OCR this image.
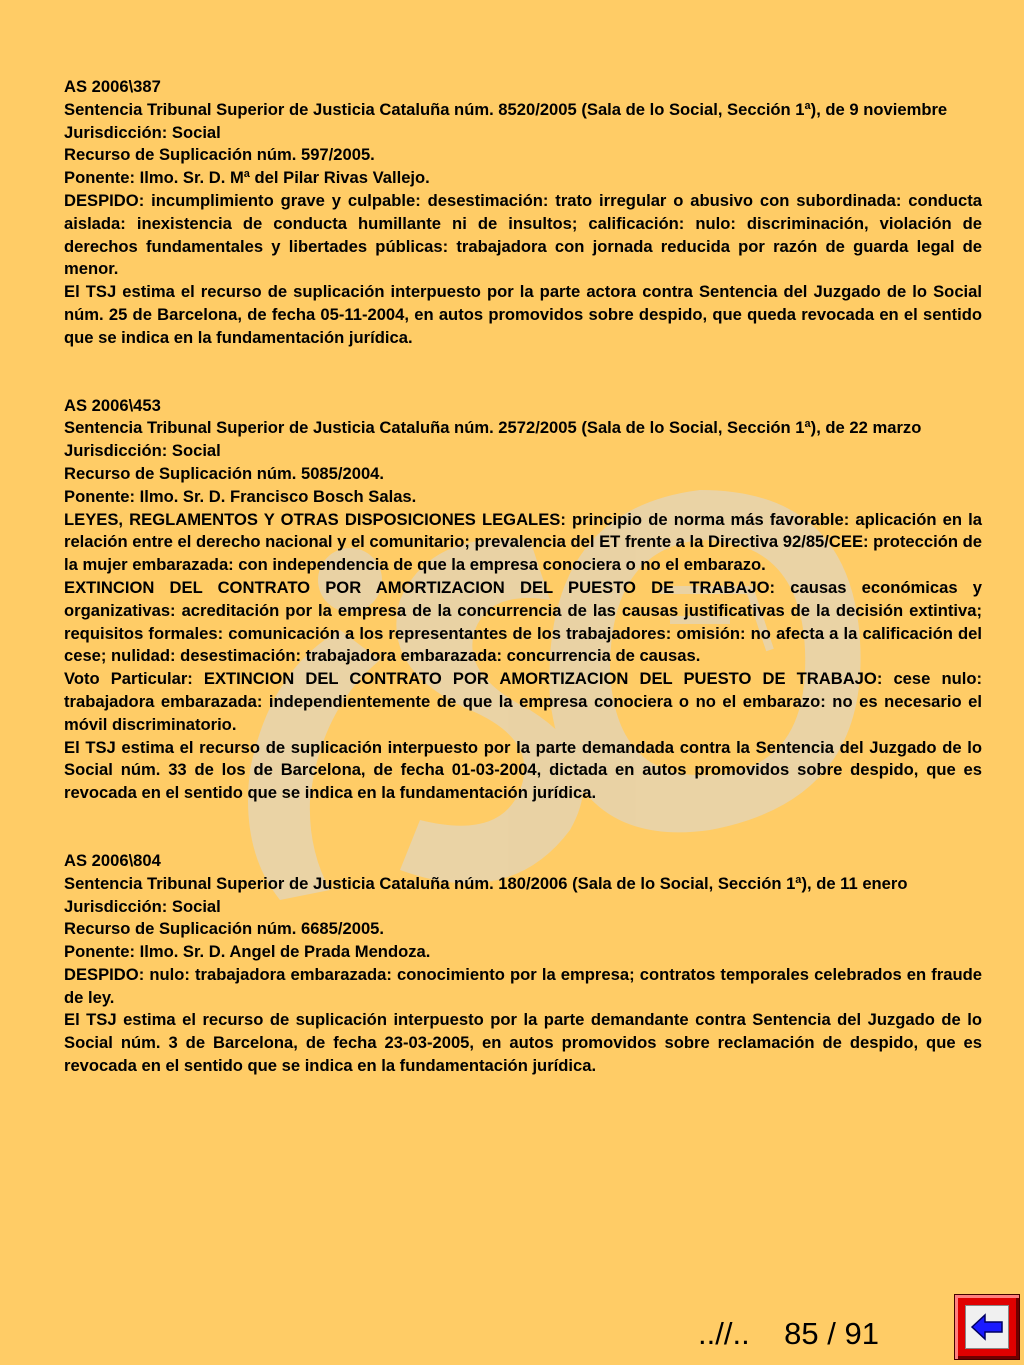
AS 2006\387

Sentencia Tribunal Superior de Justicia Cataluña núm. 8520/2005 (Sala de lo Social, Sección 1ª), de 9 noviembre

Jurisdicción: Social

Recurso de Suplicación núm. 597/2005.

Ponente: Ilmo. Sr. D. Mª del Pilar Rivas Vallejo.

DESPIDO: incumplimiento grave y culpable: desestimación: trato irregular o abusivo con subordinada: conducta aislada: inexistencia de conducta humillante ni de insultos; calificación: nulo: discriminación, violación de derechos fundamentales y libertades públicas: trabajadora con jornada reducida por razón de guarda legal de menor.

El TSJ estima el recurso de suplicación interpuesto por la parte actora contra Sentencia del Juzgado de lo Social núm. 25 de Barcelona, de fecha 05-11-2004, en autos promovidos sobre despido, que queda revocada en el sentido que se indica en la fundamentación jurídica.

AS 2006\453

Sentencia Tribunal Superior de Justicia Cataluña núm. 2572/2005 (Sala de lo Social, Sección 1ª), de 22 marzo

Jurisdicción: Social

Recurso de Suplicación núm. 5085/2004.

Ponente: Ilmo. Sr. D. Francisco Bosch Salas.

LEYES, REGLAMENTOS Y OTRAS DISPOSICIONES LEGALES: principio de norma más favorable: aplicación en la relación entre el derecho nacional y el comunitario; prevalencia del ET frente a la Directiva 92/85/CEE: protección de la mujer embarazada: con independencia de que la empresa conociera o no el embarazo.

EXTINCION DEL CONTRATO POR AMORTIZACION DEL PUESTO DE TRABAJO: causas económicas y organizativas: acreditación por la empresa de la concurrencia de las causas justificativas de la decisión extintiva; requisitos formales: comunicación a los representantes de los trabajadores: omisión: no afecta a la calificación del cese; nulidad: desestimación: trabajadora embarazada: concurrencia de causas.

Voto Particular: EXTINCION DEL CONTRATO POR AMORTIZACION DEL PUESTO DE TRABAJO: cese nulo: trabajadora embarazada: independientemente de que la empresa conociera o no el embarazo: no es necesario el móvil discriminatorio.

El TSJ estima el recurso de suplicación interpuesto por la parte demandada contra la Sentencia del Juzgado de lo Social núm. 33 de los de Barcelona, de fecha 01-03-2004, dictada en autos promovidos sobre despido, que es revocada en el sentido que se indica en la fundamentación jurídica.

AS 2006\804

Sentencia Tribunal Superior de Justicia Cataluña núm. 180/2006 (Sala de lo Social, Sección 1ª), de 11 enero

Jurisdicción: Social

Recurso de Suplicación núm. 6685/2005.

Ponente: Ilmo. Sr. D. Angel de Prada Mendoza.

DESPIDO: nulo: trabajadora embarazada: conocimiento por la empresa; contratos temporales celebrados en fraude de ley.

El TSJ estima el recurso de suplicación interpuesto por la parte demandante contra Sentencia del Juzgado de lo Social núm. 3 de Barcelona, de fecha 23-03-2005, en autos promovidos sobre reclamación de despido, que es revocada en el sentido que se indica en la fundamentación jurídica.

..//.. 85 / 91
